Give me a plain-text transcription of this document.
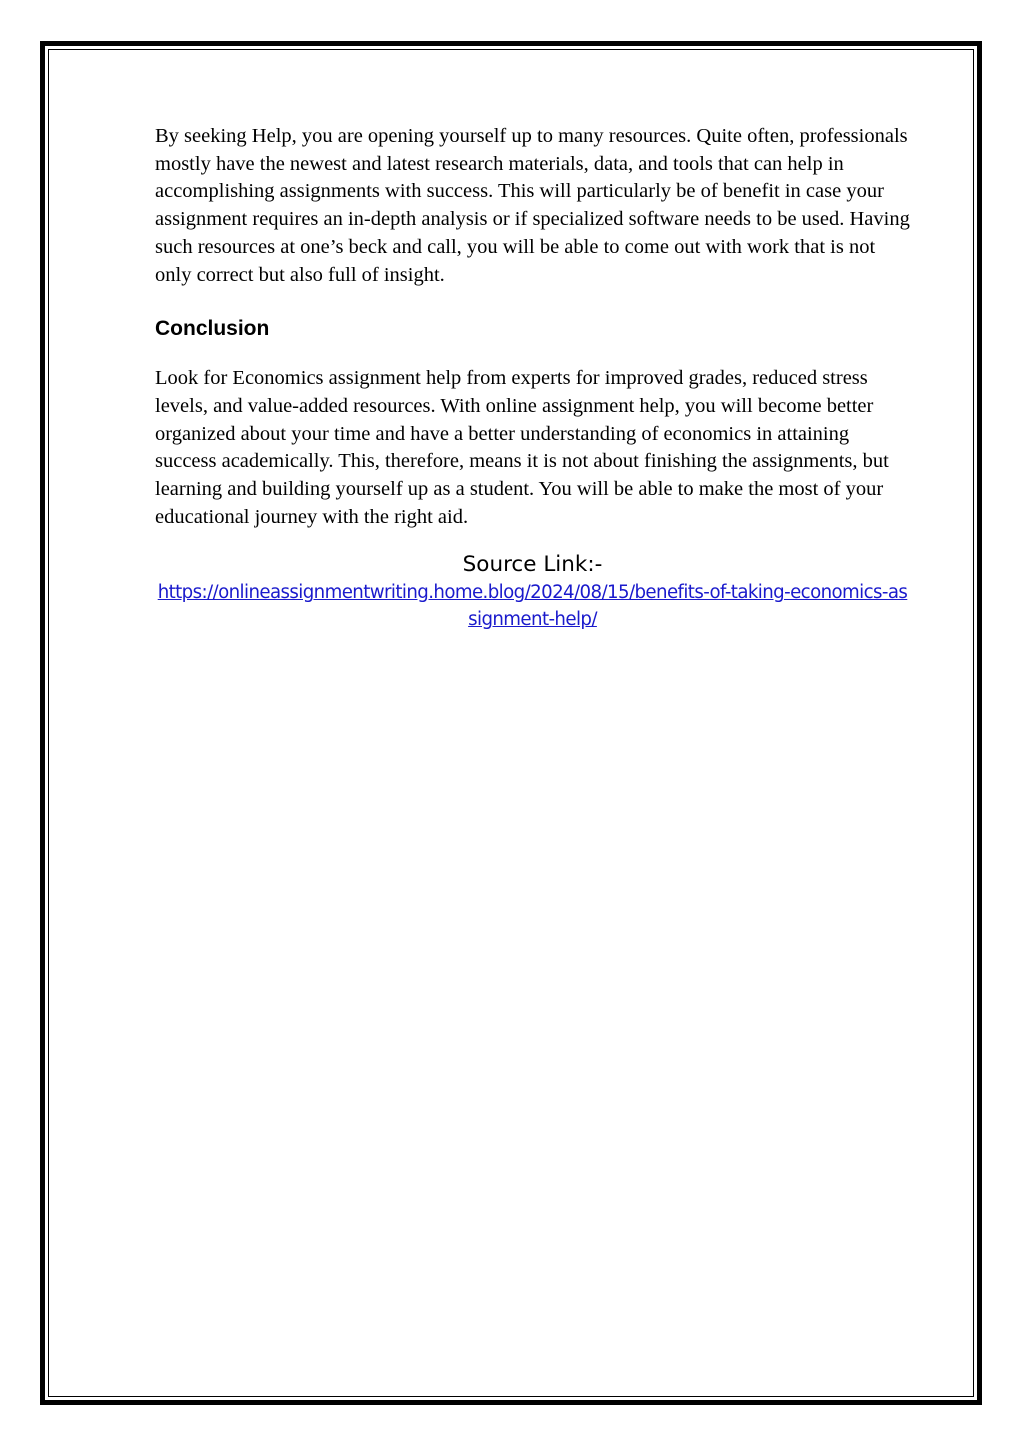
By seeking Help, you are opening yourself up to many resources. Quite often, professionals mostly have the newest and latest research materials, data, and tools that can help in accomplishing assignments with success. This will particularly be of benefit in case your assignment requires an in-depth analysis or if specialized software needs to be used. Having such resources at one’s beck and call, you will be able to come out with work that is not only correct but also full of insight.

Conclusion

Look for Economics assignment help from experts for improved grades, reduced stress levels, and value-added resources. With online assignment help, you will become better organized about your time and have a better understanding of economics in attaining success academically. This, therefore, means it is not about finishing the assignments, but learning and building yourself up as a student. You will be able to make the most of your educational journey with the right aid.

Source Link:-
https://onlineassignmentwriting.home.blog/2024/08/15/benefits-of-taking-economics-assignment-help/
